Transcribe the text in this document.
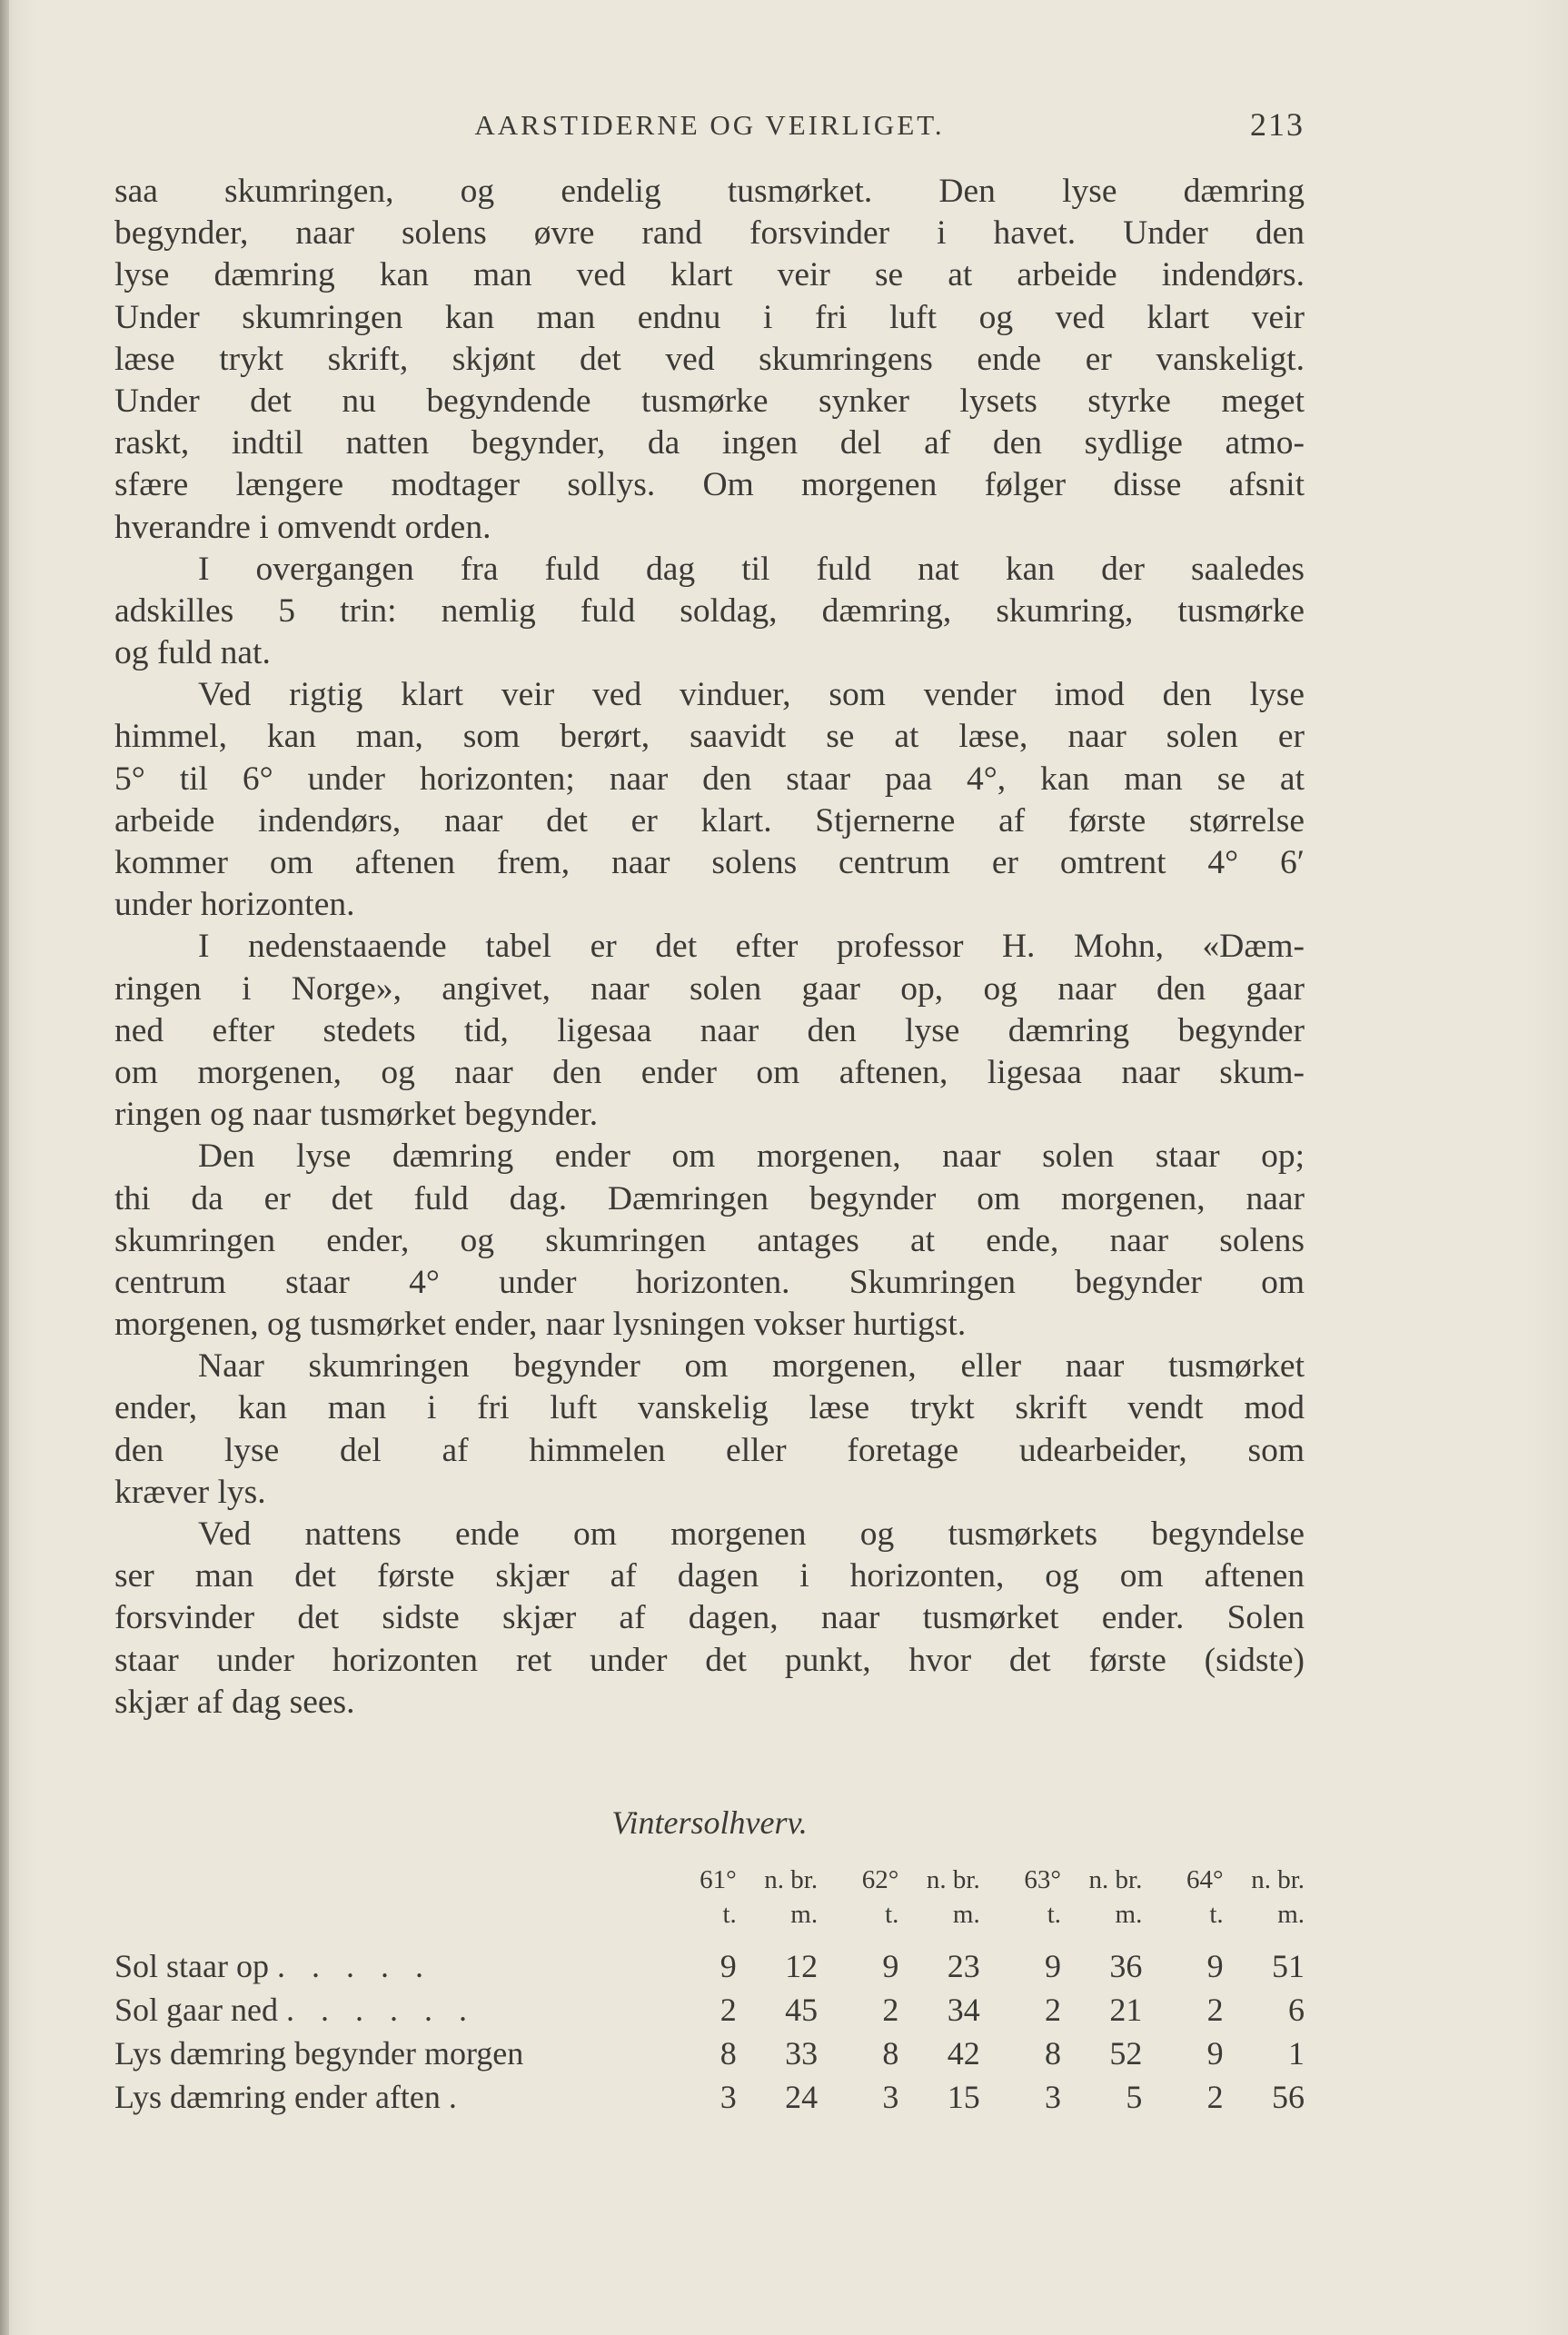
AARSTIDERNE OG VEIRLIGET.	213
saa skumringen, og endelig tusmørket. Den lyse dæmring
begynder, naar solens øvre rand forsvinder i havet. Under den
lyse dæmring kan man ved klart veir se at arbeide indendørs.
Under skumringen kan man endnu i fri luft og ved klart veir
læse trykt skrift, skjønt det ved skumringens ende er vanskeligt.
Under det nu begyndende tusmørke synker lysets styrke meget
raskt, indtil natten begynder, da ingen del af den sydlige atmo-
sfære længere modtager sollys. Om morgenen følger disse afsnit
hverandre i omvendt orden.
I overgangen fra fuld dag til fuld nat kan der saaledes
adskilles 5 trin: nemlig fuld soldag, dæmring, skumring, tusmørke
og fuld nat.
Ved rigtig klart veir ved vinduer, som vender imod den lyse
himmel, kan man, som berørt, saavidt se at læse, naar solen er
5° til 6° under horizonten; naar den staar paa 4°, kan man se at
arbeide indendørs, naar det er klart. Stjernerne af første størrelse
kommer om aftenen frem, naar solens centrum er omtrent 4° 6′
under horizonten.
I nedenstaaende tabel er det efter professor H. Mohn, «Dæm-
ringen i Norge», angivet, naar solen gaar op, og naar den gaar
ned efter stedets tid, ligesaa naar den lyse dæmring begynder
om morgenen, og naar den ender om aftenen, ligesaa naar skum-
ringen og naar tusmørket begynder.
Den lyse dæmring ender om morgenen, naar solen staar op;
thi da er det fuld dag. Dæmringen begynder om morgenen, naar
skumringen ender, og skumringen antages at ende, naar solens
centrum staar 4° under horizonten. Skumringen begynder om
morgenen, og tusmørket ender, naar lysningen vokser hurtigst.
Naar skumringen begynder om morgenen, eller naar tusmørket
ender, kan man i fri luft vanskelig læse trykt skrift vendt mod
den lyse del af himmelen eller foretage udearbeider, som
kræver lys.
Ved nattens ende om morgenen og tusmørkets begyndelse
ser man det første skjær af dagen i horizonten, og om aftenen
forsvinder det sidste skjær af dagen, naar tusmørket ender. Solen
staar under horizonten ret under det punkt, hvor det første (sidste)
skjær af dag sees.
Vintersolhverv.
	61°	n. br.	62°	n. br.	63°	n. br.	64°	n. br.
	t.	m.	t.	m.	t.	m.	t.	m.

Sol staar op . . . . .	9	12	9	23	9	36	9	51
Sol gaar ned . . . . . .	2	45	2	34	2	21	2	6
Lys dæmring begynder morgen	8	33	8	42	8	52	9	1
Lys dæmring ender aften .	3	24	3	15	3	5	2	56
